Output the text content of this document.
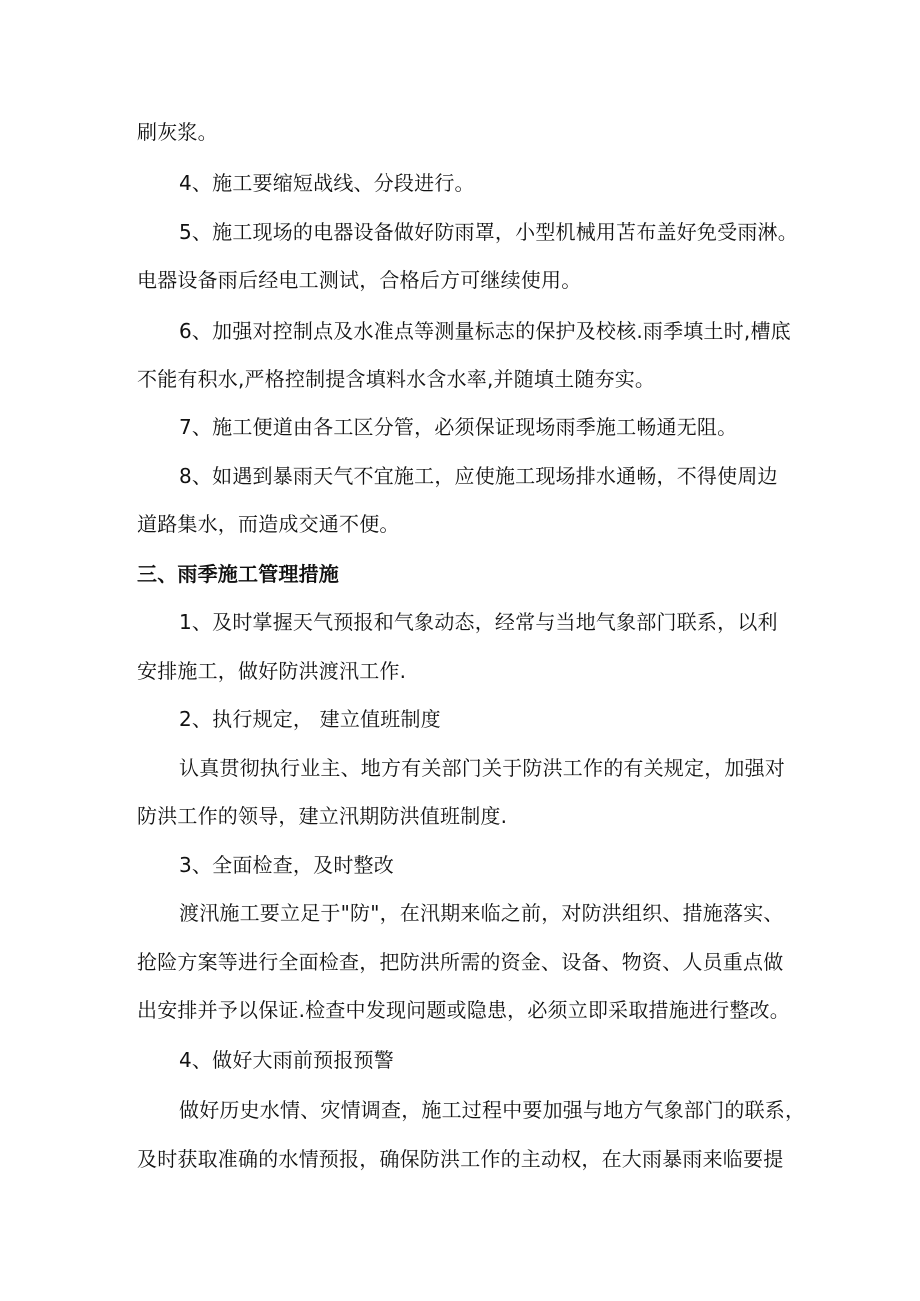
刷灰浆。
4、施工要缩短战线、分段进行。
5、施工现场的电器设备做好防雨罩，小型机械用苫布盖好免受雨淋。
电器设备雨后经电工测试，合格后方可继续使用。
6、加强对控制点及水准点等测量标志的保护及校核.雨季填土时,槽底
不能有积水,严格控制提含填料水含水率,并随填土随夯实。
7、施工便道由各工区分管，必须保证现场雨季施工畅通无阻。
8、如遇到暴雨天气不宜施工，应使施工现场排水通畅，不得使周边
道路集水，而造成交通不便。
三、雨季施工管理措施
1、及时掌握天气预报和气象动态，经常与当地气象部门联系，以利
安排施工，做好防洪渡汛工作.
2、执行规定， 建立值班制度
认真贯彻执行业主、地方有关部门关于防洪工作的有关规定，加强对
防洪工作的领导，建立汛期防洪值班制度.
3、全面检查，及时整改
渡汛施工要立足于"防"，在汛期来临之前，对防洪组织、措施落实、
抢险方案等进行全面检查，把防洪所需的资金、设备、物资、人员重点做
出安排并予以保证.检查中发现问题或隐患，必须立即采取措施进行整改。
4、做好大雨前预报预警
做好历史水情、灾情调查，施工过程中要加强与地方气象部门的联系，
及时获取准确的水情预报，确保防洪工作的主动权，在大雨暴雨来临要提
